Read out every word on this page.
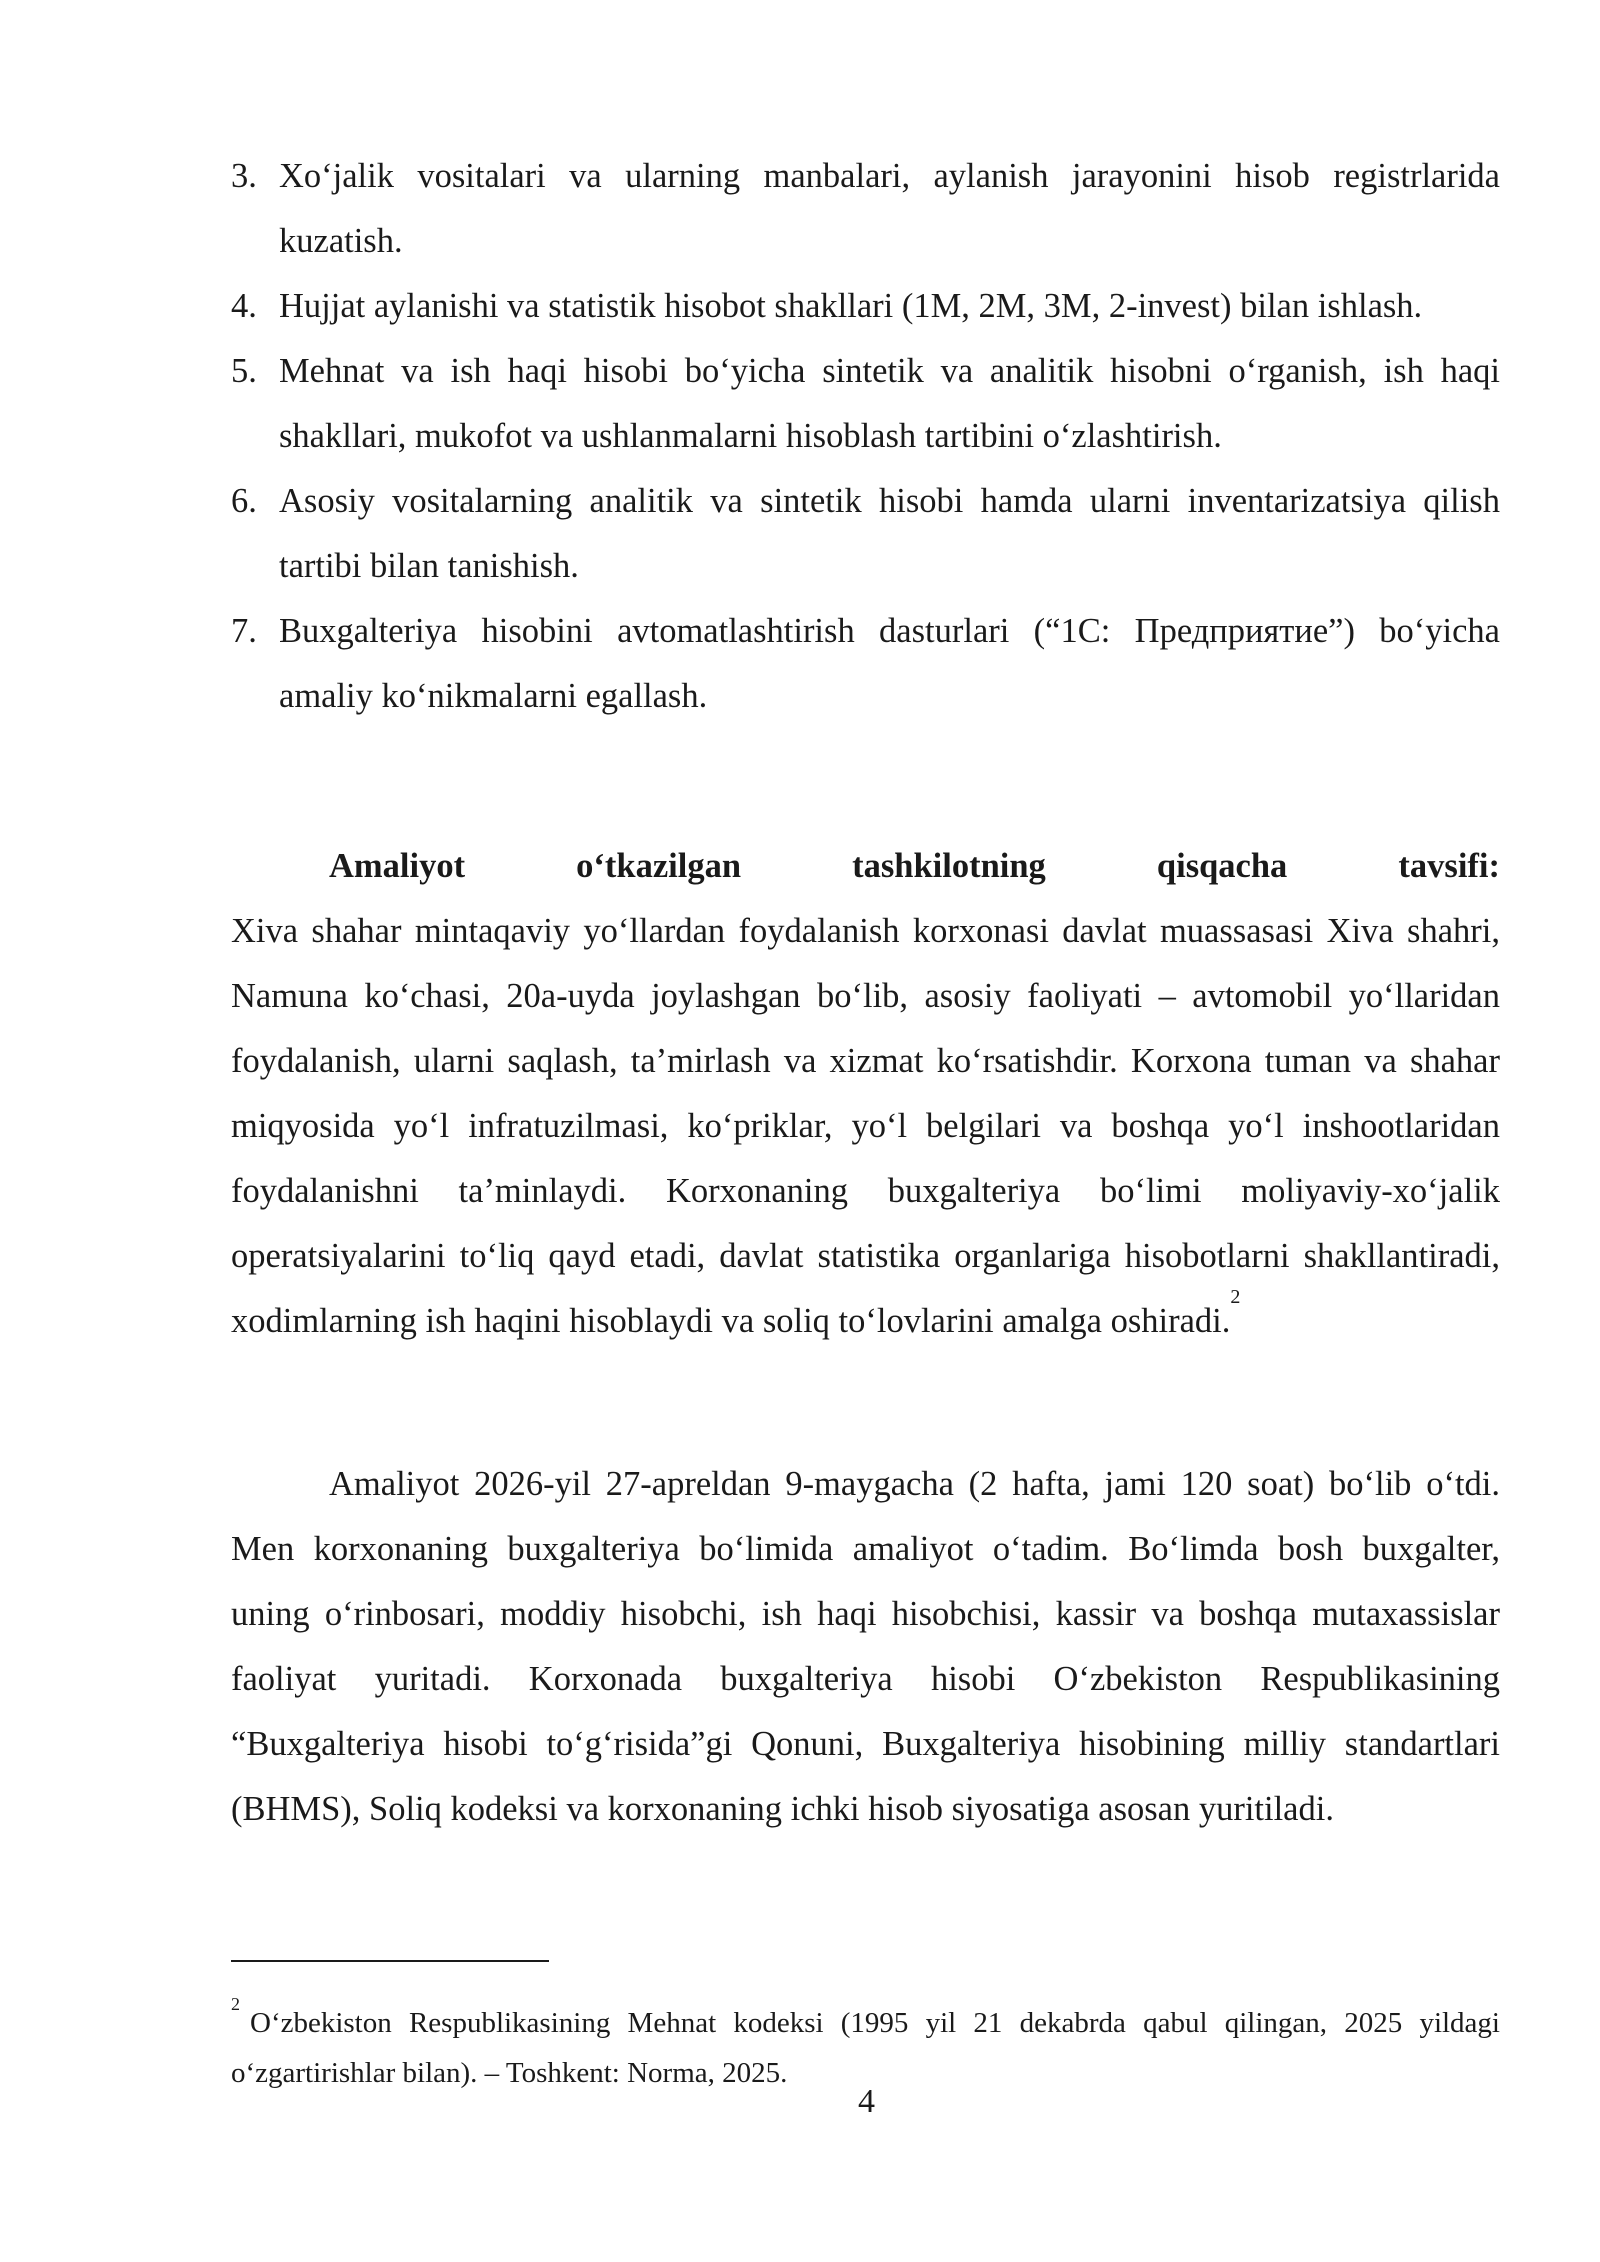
3. Xo‘jalik vositalari va ularning manbalari, aylanish jarayonini hisob registrlarida kuzatish.
4. Hujjat aylanishi va statistik hisobot shakllari (1M, 2M, 3M, 2-invest) bilan ishlash.
5. Mehnat va ish haqi hisobi bo‘yicha sintetik va analitik hisobni o‘rganish, ish haqi shakllari, mukofot va ushlanmalarni hisoblash tartibini o‘zlashtirish.
6. Asosiy vositalarning analitik va sintetik hisobi hamda ularni inventarizatsiya qilish tartibi bilan tanishish.
7. Buxgalteriya hisobini avtomatlashtirish dasturlari (“1C: Предприятие”) bo‘yicha amaliy ko‘nikmalarni egallash.
Amaliyot o‘tkazilgan tashkilotning qisqacha tavsifi:
Xiva shahar mintaqaviy yo‘llardan foydalanish korxonasi davlat muassasasi Xiva shahri, Namuna ko‘chasi, 20a-uyda joylashgan bo‘lib, asosiy faoliyati – avtomobil yo‘llaridan foydalanish, ularni saqlash, ta’mirlash va xizmat ko‘rsatishdir. Korxona tuman va shahar miqyosida yo‘l infratuzilmasi, ko‘priklar, yo‘l belgilari va boshqa yo‘l inshootlaridan foydalanishni ta’minlaydi. Korxonaning buxgalteriya bo‘limi moliyaviy-xo‘jalik operatsiyalarini to‘liq qayd etadi, davlat statistika organlariga hisobotlarni shakllantiradi, xodimlarning ish haqini hisoblaydi va soliq to‘lovlarini amalga oshiradi.$^2$
Amaliyot 2026-yil 27-apreldan 9-maygacha (2 hafta, jami 120 soat) bo‘lib o‘tdi. Men korxonaning buxgalteriya bo‘limida amaliyot o‘tadim. Bo‘limda bosh buxgalter, uning o‘rinbosari, moddiy hisobchi, ish haqi hisobchisi, kassir va boshqa mutaxassislar faoliyat yuritadi. Korxonada buxgalteriya hisobi O‘zbekiston Respublikasining “Buxgalteriya hisobi to‘g‘risida”gi Qonuni, Buxgalteriya hisobining milliy standartlari (BHMS), Soliq kodeksi va korxonaning ichki hisob siyosatiga asosan yuritiladi.
$^2$O‘zbekiston Respublikasining Mehnat kodeksi (1995 yil 21 dekabrda qabul qilingan, 2025 yildagi o‘zgartirishlar bilan). – Toshkent: Norma, 2025.
4
